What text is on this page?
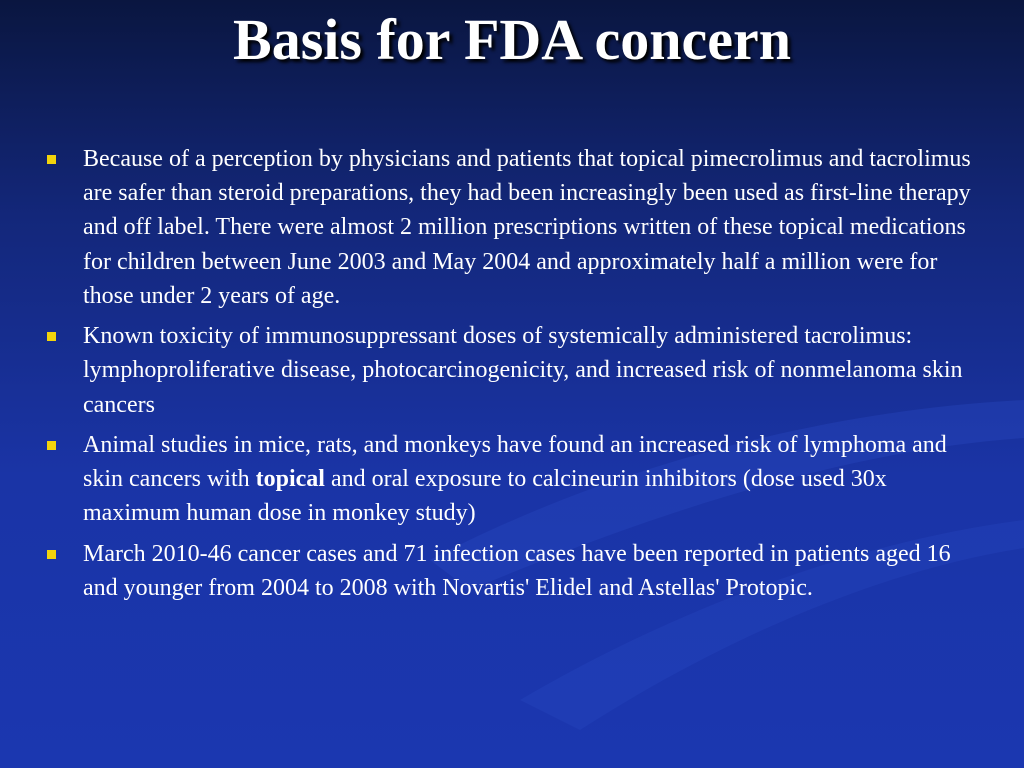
Basis for FDA concern
Because of a perception by physicians and patients that topical pimecrolimus and tacrolimus are safer than steroid preparations, they had been increasingly been used as first-line therapy and off label. There were almost 2 million prescriptions written of these topical medications for children between June 2003 and May 2004 and approximately half a million were for those under 2 years of age.
Known toxicity of immunosuppressant doses of systemically administered tacrolimus: lymphoproliferative disease, photocarcinogenicity, and increased risk of nonmelanoma skin cancers
Animal studies in mice, rats, and monkeys have found an increased risk of lymphoma and skin cancers with topical and oral exposure to calcineurin inhibitors (dose used 30x maximum human dose in monkey study)
March 2010-46 cancer cases and 71 infection cases have been reported in patients aged 16 and younger from 2004 to 2008 with Novartis' Elidel and Astellas' Protopic.
